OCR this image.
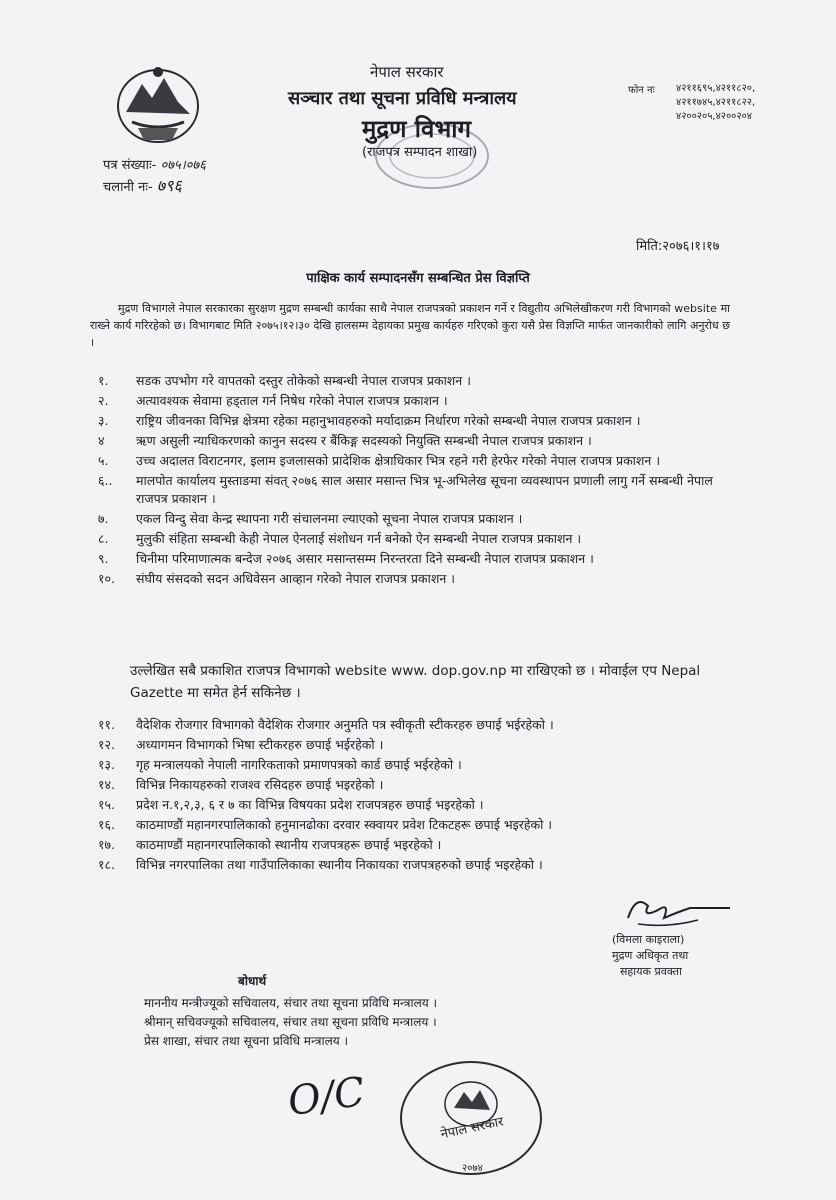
नेपाल सरकार
सञ्चार तथा सूचना प्रविधि मन्त्रालय
मुद्रण विभाग
(राजपत्र सम्पादन शाखा)
फोन नः ४२११६९५,४२११८२०,
४२११७४५,४२११८२२,
४२००२०५,४२००२०४
पत्र संख्याः- ०७५।०७६
चलानी नः- ७९६
मिति:२०७६।१।१७
पाक्षिक कार्य सम्पादनसँग सम्बन्धित प्रेस विज्ञप्ति
मुद्रण विभागले नेपाल सरकारका सुरक्षण मुद्रण सम्बन्धी कार्यका साथै नेपाल राजपत्रको प्रकाशन गर्ने र विद्युतीय अभिलेखीकरण गरी विभागको website मा राख्ने कार्य गरिरहेको छ। विभागबाट मिति २०७५।१२।३० देखि हालसम्म देहायका प्रमुख कार्यहरु गरिएको कुरा यसै प्रेस विज्ञप्ति मार्फत जानकारीको लागि अनुरोध छ ।
१.	सडक उपभोग गरे वापतको दस्तुर तोकेको सम्बन्धी नेपाल राजपत्र प्रकाशन ।
२.	अत्यावश्यक सेवामा हड्ताल गर्न निषेध गरेको नेपाल राजपत्र प्रकाशन ।
३.	राष्ट्रिय जीवनका विभिन्न क्षेत्रमा रहेका महानुभावहरुको मर्यादाक्रम निर्धारण गरेको सम्बन्धी नेपाल राजपत्र प्रकाशन ।
४	ऋण असुली न्याधिकरणको कानुन सदस्य र बैंकिङ्ग सदस्यको नियुक्ति सम्बन्धी नेपाल राजपत्र प्रकाशन ।
५.	उच्च अदालत विराटनगर, इलाम इजलासको प्रादेशिक क्षेत्राधिकार भित्र रहने गरी हेरफेर गरेको नेपाल राजपत्र प्रकाशन ।
६..	मालपोत कार्यालय मुस्ताङमा संवत् २०७६ साल असार मसान्त भित्र भू-अभिलेख सूचना व्यवस्थापन प्रणाली लागु गर्ने सम्बन्धी नेपाल राजपत्र प्रकाशन ।
७.	एकल विन्दु सेवा केन्द्र स्थापना गरी संचालनमा ल्याएको सूचना नेपाल राजपत्र प्रकाशन ।
८.	मुलुकी संहिता सम्बन्धी केही नेपाल ऐनलाई संशोधन गर्न बनेको ऐन सम्बन्धी नेपाल राजपत्र प्रकाशन ।
९.	चिनीमा परिमाणात्मक बन्देज २०७६ असार मसान्तसम्म निरन्तरता दिने सम्बन्धी नेपाल राजपत्र प्रकाशन ।
१०.	संघीय संसदको सदन अधिवेसन आव्हान गरेको नेपाल राजपत्र प्रकाशन ।
उल्लेखित सबै प्रकाशित राजपत्र विभागको website www. dop.gov.np मा राखिएको छ । मोवाईल एप Nepal Gazette मा समेत हेर्न सकिनेछ ।
११.	वैदेशिक रोजगार विभागको वैदेशिक रोजगार अनुमति पत्र स्वीकृती स्टीकरहरु छपाई भईरहेको ।
१२.	अध्यागमन विभागको भिषा स्टीकरहरु छपाई भईरहेको ।
१३.	गृह मन्त्रालयको नेपाली नागरिकताको प्रमाणपत्रको कार्ड छपाई भईरहेको ।
१४.	विभिन्न निकायहरुको राजश्व रसिदहरु छपाई भइरहेको ।
१५.	प्रदेश न.१,२,३, ६ र ७ का विभिन्न विषयका प्रदेश राजपत्रहरु छपाई भइरहेको ।
१६.	काठमाण्डौं महानगरपालिकाको हनुमानढोका दरवार स्क्वायर प्रवेश टिकटहरू छपाई भइरहेको ।
१७.	काठमाण्डौं महानगरपालिकाको स्थानीय राजपत्रहरू छपाई भइरहेको ।
१८.	विभिन्न नगरपालिका तथा गाउँपालिकाका स्थानीय निकायका राजपत्रहरुको छपाई भइरहेको ।
(विमला काइराला)
मुद्रण अधिकृत तथा
सहायक प्रवक्ता
बोधार्थ
माननीय मन्त्रीज्यूको सचिवालय, संचार तथा सूचना प्रविधि मन्त्रालय ।
श्रीमान् सचिवज्यूको सचिवालय, संचार तथा सूचना प्रविधि मन्त्रालय ।
प्रेस शाखा, संचार तथा सूचना प्रविधि मन्त्रालय ।
O/C
नेपाल सरकार
२०७४
